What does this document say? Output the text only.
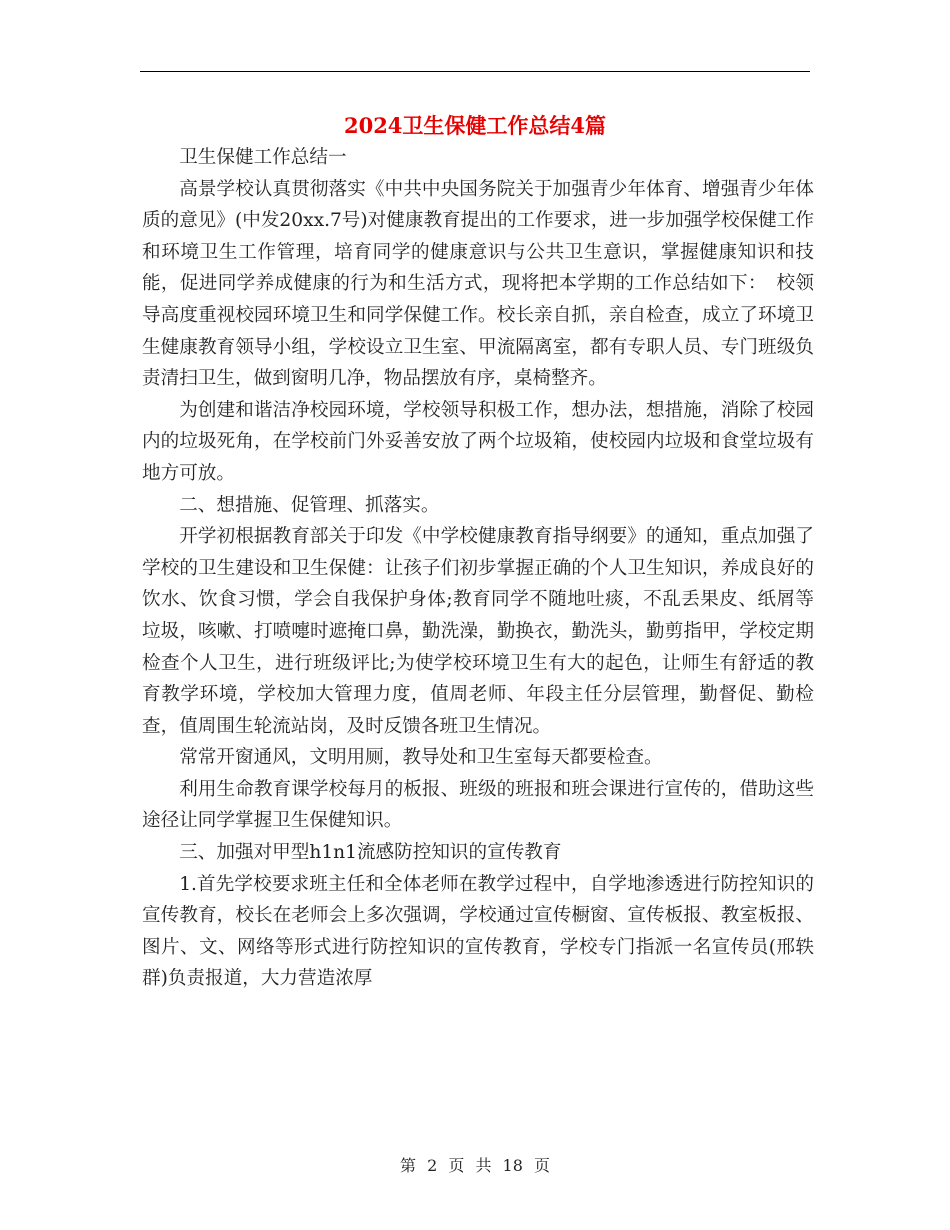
2024卫生保健工作总结4篇

卫生保健工作总结一

高景学校认真贯彻落实《中共中央国务院关于加强青少年体育、增强青少年体质的意见》(中发20xx.7号)对健康教育提出的工作要求，进一步加强学校保健工作和环境卫生工作管理，培育同学的健康意识与公共卫生意识，掌握健康知识和技能，促进同学养成健康的行为和生活方式，现将把本学期的工作总结如下：　校领导高度重视校园环境卫生和同学保健工作。校长亲自抓，亲自检查，成立了环境卫生健康教育领导小组，学校设立卫生室、甲流隔离室，都有专职人员、专门班级负责清扫卫生，做到窗明几净，物品摆放有序，桌椅整齐。

为创建和谐洁净校园环境，学校领导积极工作，想办法，想措施，消除了校园内的垃圾死角，在学校前门外妥善安放了两个垃圾箱，使校园内垃圾和食堂垃圾有地方可放。

二、想措施、促管理、抓落实。

开学初根据教育部关于印发《中学校健康教育指导纲要》的通知，重点加强了学校的卫生建设和卫生保健：让孩子们初步掌握正确的个人卫生知识，养成良好的饮水、饮食习惯，学会自我保护身体;教育同学不随地吐痰，不乱丢果皮、纸屑等垃圾，咳嗽、打喷嚏时遮掩口鼻，勤洗澡，勤换衣，勤洗头，勤剪指甲，学校定期检查个人卫生，进行班级评比;为使学校环境卫生有大的起色，让师生有舒适的教育教学环境，学校加大管理力度，值周老师、年段主任分层管理，勤督促、勤检查，值周围生轮流站岗，及时反馈各班卫生情况。

常常开窗通风，文明用厕，教导处和卫生室每天都要检查。

利用生命教育课学校每月的板报、班级的班报和班会课进行宣传的，借助这些途径让同学掌握卫生保健知识。

三、加强对甲型h1n1流感防控知识的宣传教育

1.首先学校要求班主任和全体老师在教学过程中，自学地渗透进行防控知识的宣传教育，校长在老师会上多次强调，学校通过宣传橱窗、宣传板报、教室板报、图片、文、网络等形式进行防控知识的宣传教育，学校专门指派一名宣传员(邢轶群)负责报道，大力营造浓厚

第 2 页 共 18 页
